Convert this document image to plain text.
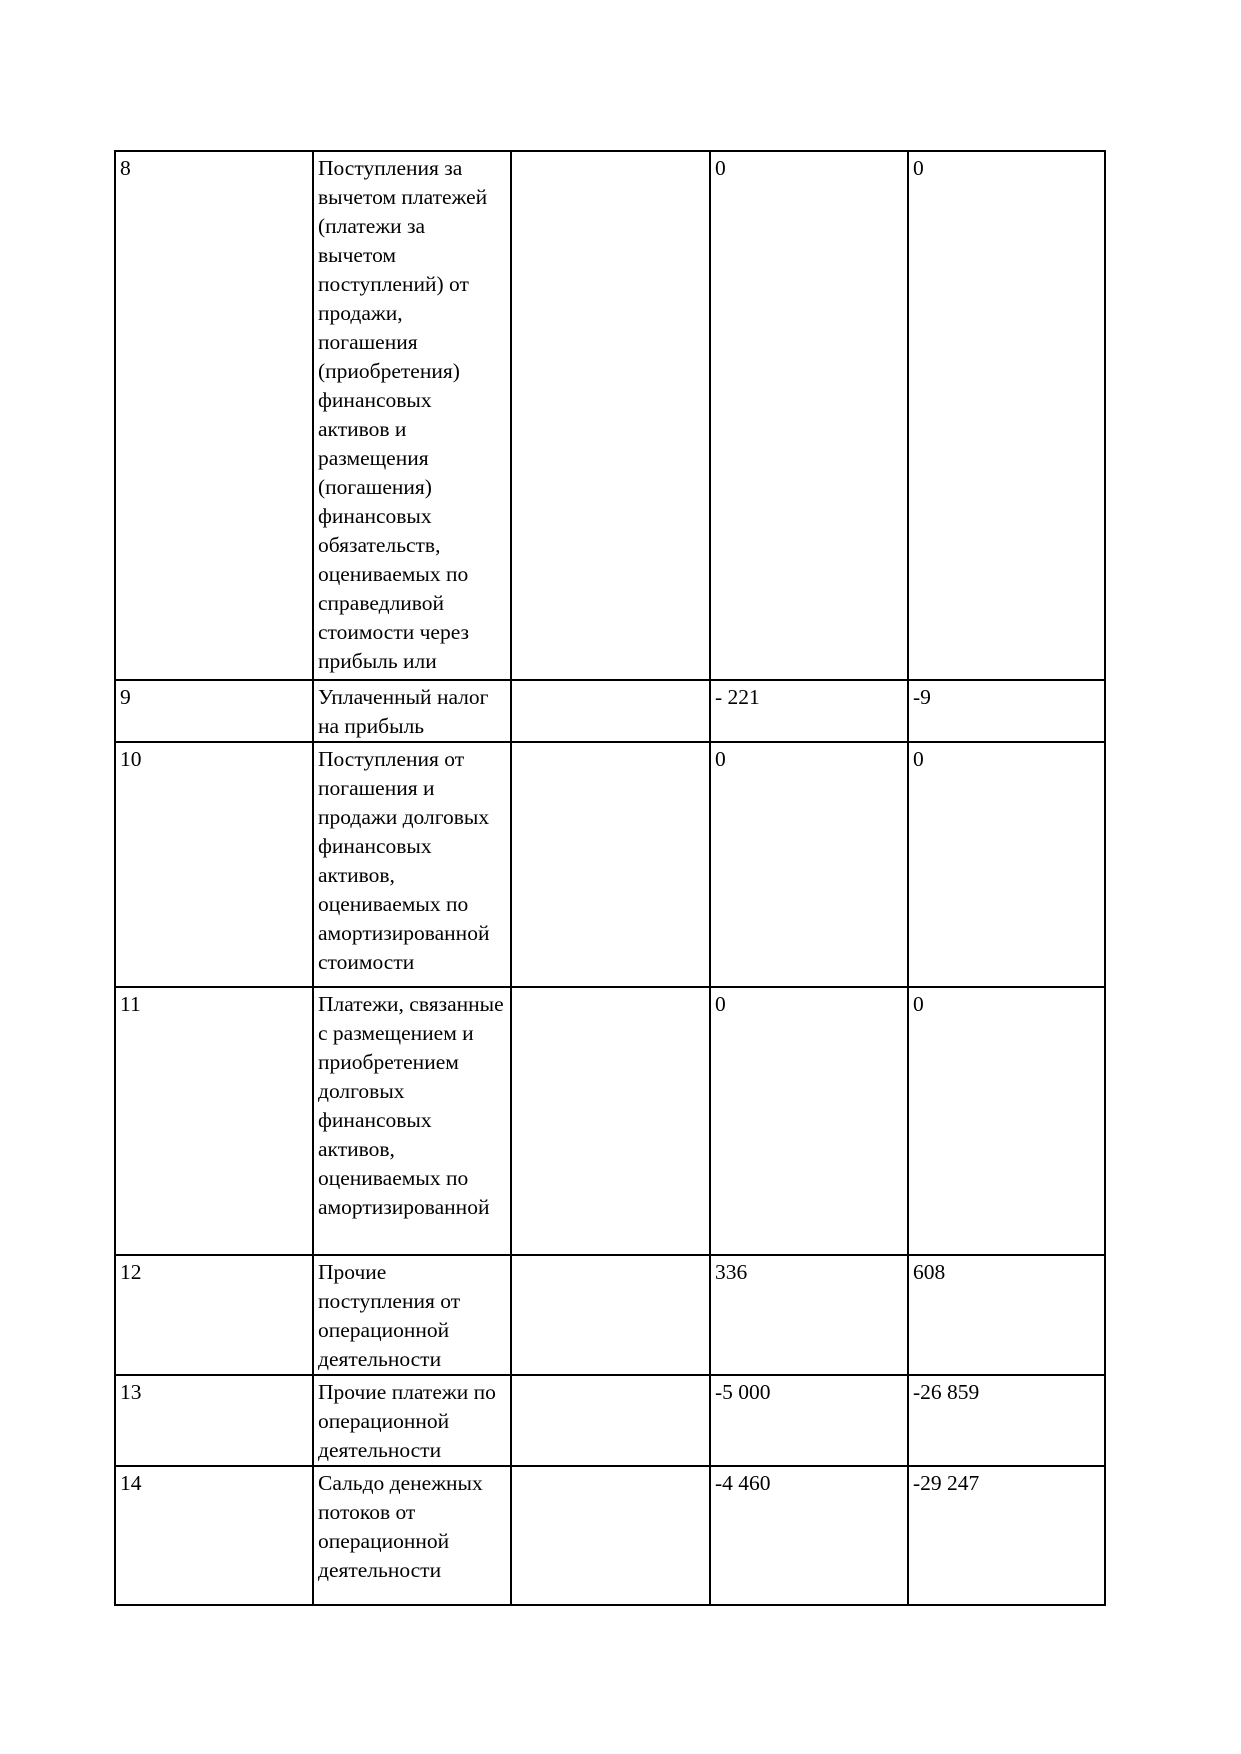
8	Поступления за вычетом платежей (платежи за вычетом поступлений) от продажи, погашения (приобретения) финансовых активов и размещения (погашения) финансовых обязательств, оцениваемых по справедливой стоимости через прибыль или		0	0

9	Уплаченный налог на прибыль		- 221	-9

10	Поступления от погашения и продажи долговых финансовых активов, оцениваемых по амортизированной стоимости		0	0

11	Платежи, связанные с размещением и приобретением долговых финансовых активов, оцениваемых по амортизированной		0	0

12	Прочие поступления от операционной деятельности		336	608

13	Прочие платежи по операционной деятельности		-5 000	-26 859

14	Сальдо денежных потоков от операционной деятельности		-4 460	-29 247
